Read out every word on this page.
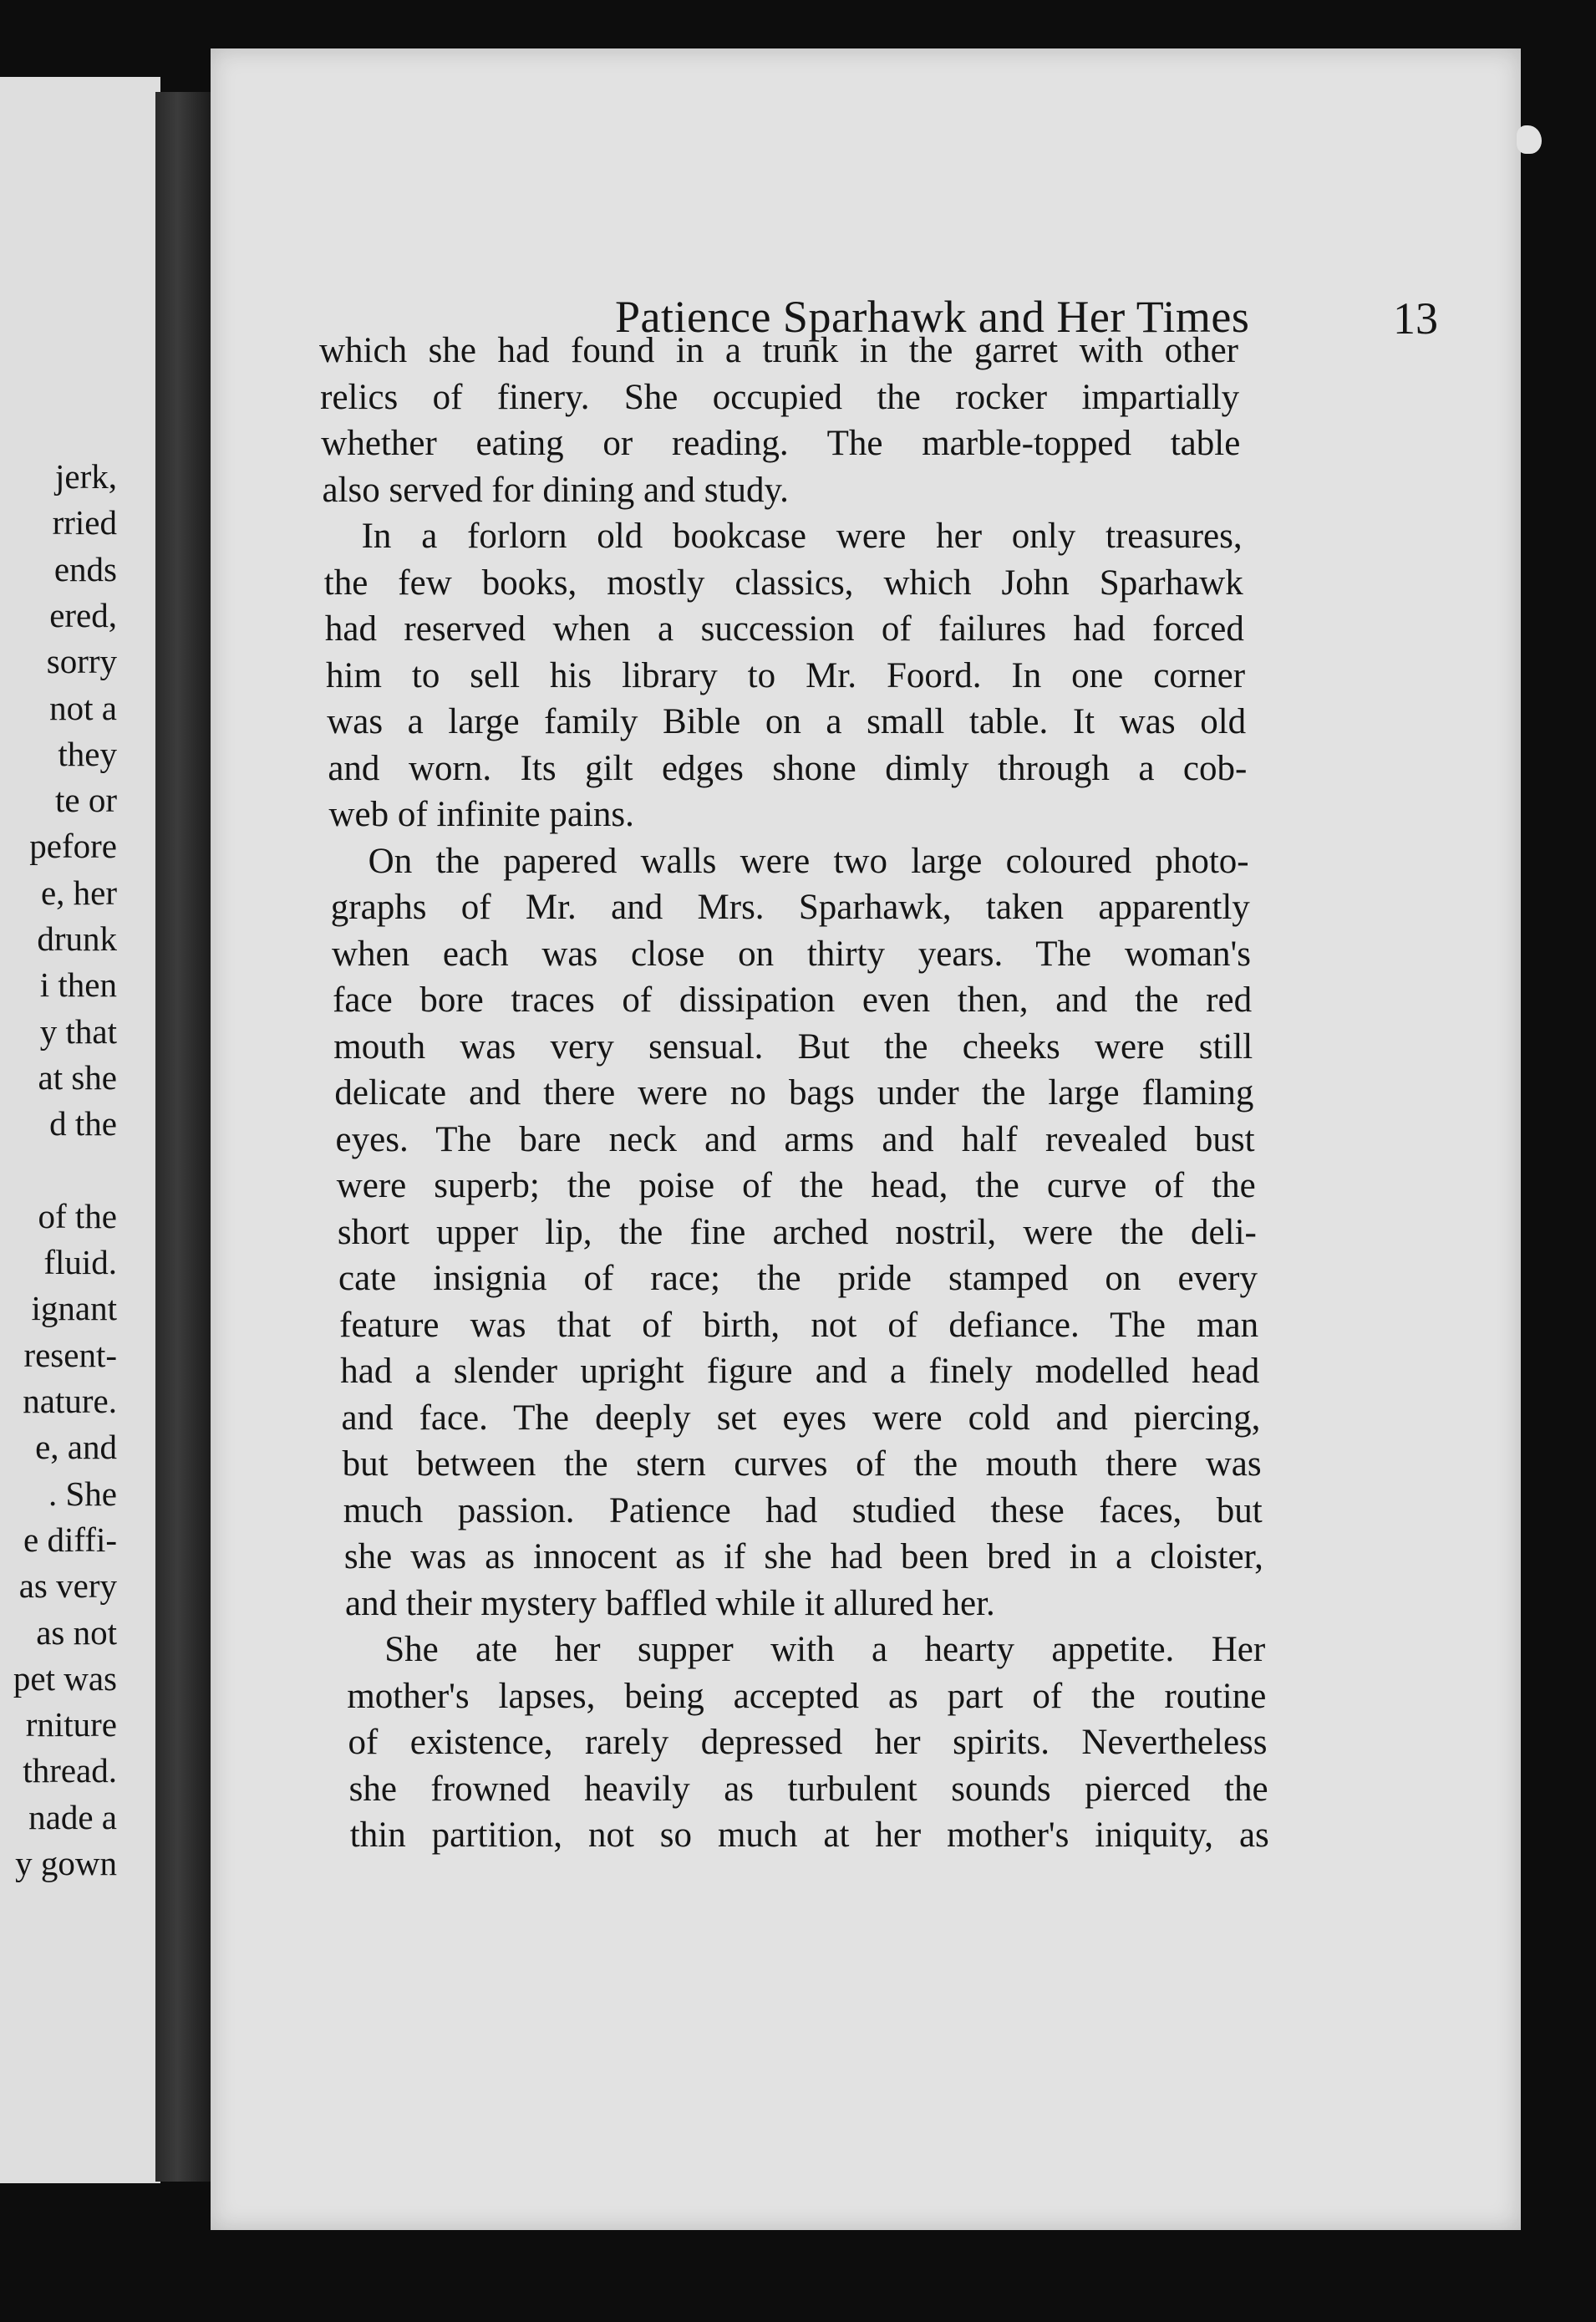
jerk,
rried
ends
ered,
sorry
not a
they
te or
pefore
e, her
drunk
i then
y that
at she
d the
of the
fluid.
ignant
resent-
nature.
e, and
. She
e diffi-
as very
as not
pet was
rniture
thread.
nade a
y gown
Patience Sparhawk and Her Times	13
which she had found in a trunk in the garret with other
relics of finery. She occupied the rocker impartially
whether eating or reading. The marble-topped table
also served for dining and study.
In a forlorn old bookcase were her only treasures,
the few books, mostly classics, which John Sparhawk
had reserved when a succession of failures had forced
him to sell his library to Mr. Foord. In one corner
was a large family Bible on a small table. It was old
and worn. Its gilt edges shone dimly through a cob-
web of infinite pains.
On the papered walls were two large coloured photo-
graphs of Mr. and Mrs. Sparhawk, taken apparently
when each was close on thirty years. The woman's
face bore traces of dissipation even then, and the red
mouth was very sensual. But the cheeks were still
delicate and there were no bags under the large flaming
eyes. The bare neck and arms and half revealed bust
were superb; the poise of the head, the curve of the
short upper lip, the fine arched nostril, were the deli-
cate insignia of race; the pride stamped on every
feature was that of birth, not of defiance. The man
had a slender upright figure and a finely modelled head
and face. The deeply set eyes were cold and piercing,
but between the stern curves of the mouth there was
much passion. Patience had studied these faces, but
she was as innocent as if she had been bred in a cloister,
and their mystery baffled while it allured her.
She ate her supper with a hearty appetite. Her
mother's lapses, being accepted as part of the routine
of existence, rarely depressed her spirits. Nevertheless
she frowned heavily as turbulent sounds pierced the
thin partition, not so much at her mother's iniquity, as
